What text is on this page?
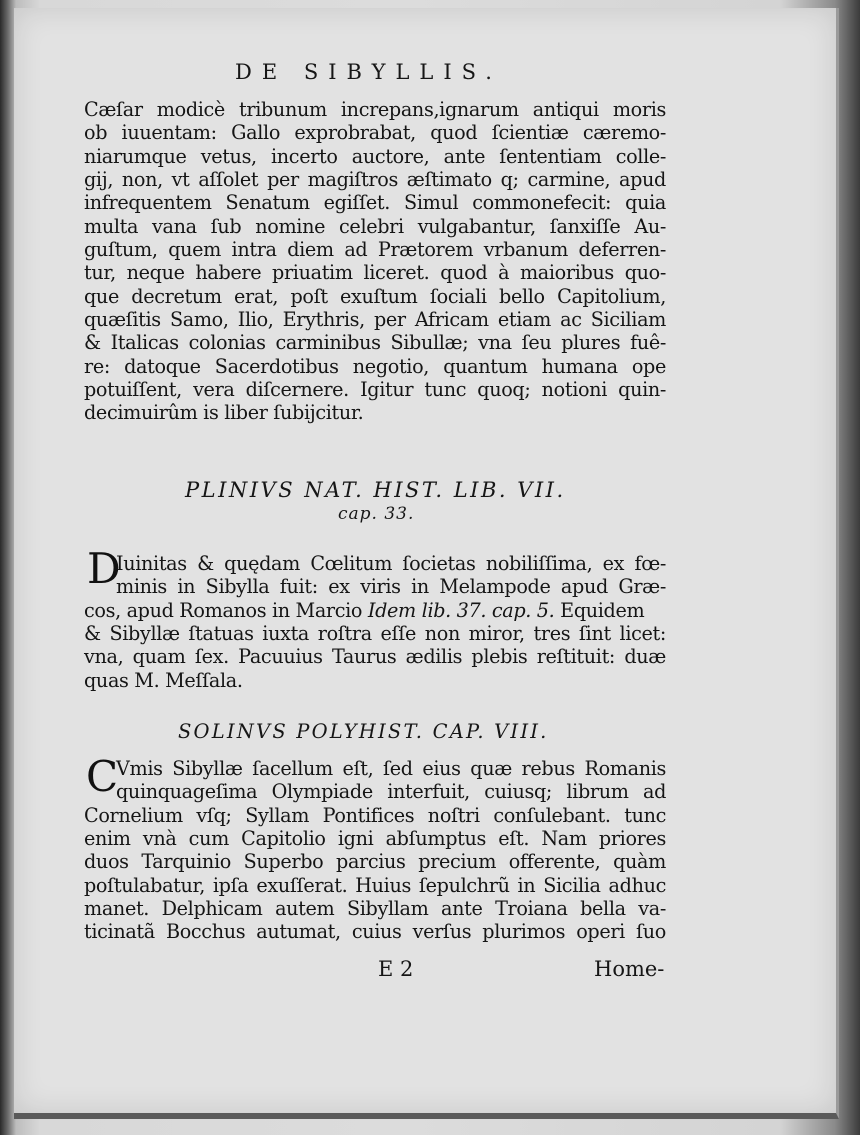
DE SIBYLLIS.
Cæſar modicè tribunum increpans,ignarum antiqui moris
ob iuuentam: Gallo exprobrabat, quod ſcientiæ cæremo-
niarumque vetus, incerto auctore, ante ſententiam colle-
gij, non, vt aſſolet per magiſtros æſtimato q; carmine, apud
infrequentem Senatum egiſſet. Simul commonefecit: quia
multa vana ſub nomine celebri vulgabantur, ſanxiſſe Au-
guſtum, quem intra diem ad Prætorem vrbanum deferren-
tur, neque habere priuatim liceret. quod à maioribus quo-
que decretum erat, poſt exuſtum ſociali bello Capitolium,
quæſitis Samo, Ilio, Erythris, per Africam etiam ac Siciliam
& Italicas colonias carminibus Sibullæ; vna ſeu plures fuê-
re: datoque Sacerdotibus negotio, quantum humana ope
potuiſſent, vera diſcernere. Igitur tunc quoq; notioni quin-
decimuirûm is liber ſubijcitur.
PLINIVS NAT. HIST. LIB. VII.
cap. 33.
D
Iuinitas & quędam Cœlitum ſocietas nobiliſſima, ex fœ-
minis in Sibylla fuit: ex viris in Melampode apud Græ-
cos, apud Romanos in Marcio Idem lib. 37. cap. 5. Equidem
& Sibyllæ ſtatuas iuxta roſtra eſſe non miror, tres ſint licet:
vna, quam ſex. Pacuuius Taurus ædilis plebis reſtituit: duæ
quas M. Meſſala.
SOLINVS POLYHIST. CAP. VIII.
C
Vmis Sibyllæ ſacellum eſt, ſed eius quæ rebus Romanis
quinquageſima Olympiade interfuit, cuiusq; librum ad
Cornelium vſq; Syllam Pontifices noſtri conſulebant. tunc
enim vnà cum Capitolio igni abſumptus eſt. Nam priores
duos Tarquinio Superbo parcius precium offerente, quàm
poſtulabatur, ipſa exuſſerat. Huius ſepulchrũ in Sicilia adhuc
manet. Delphicam autem Sibyllam ante Troiana bella va-
ticinatã Bocchus autumat, cuius verſus plurimos operi ſuo
E 2	Home-
